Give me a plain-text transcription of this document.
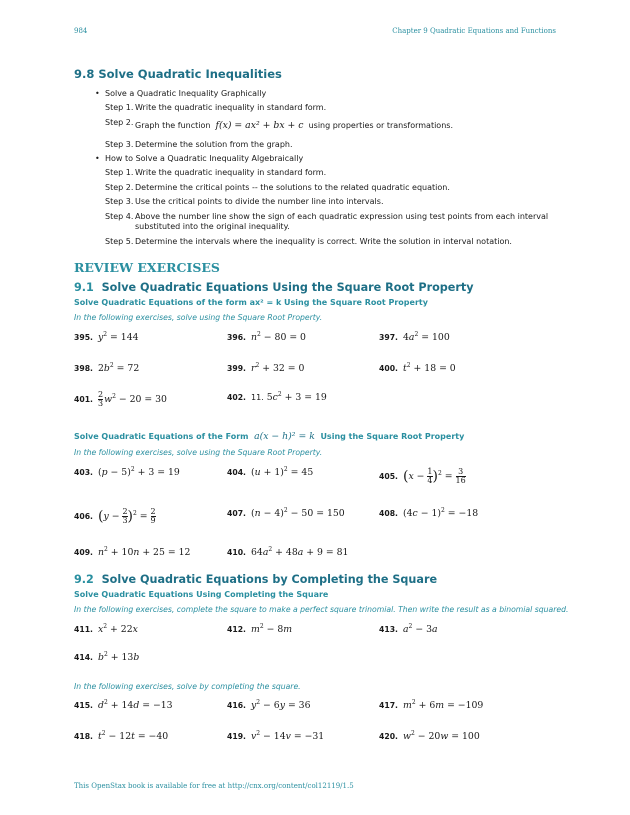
984	Chapter 9 Quadratic Equations and Functions
9.8 Solve Quadratic Inequalities
• Solve a Quadratic Inequality Graphically
Step 1. Write the quadratic inequality in standard form.
Step 2. Graph the function f(x) = ax² + bx + c using properties or transformations.
Step 3. Determine the solution from the graph.
• How to Solve a Quadratic Inequality Algebraically
Step 1. Write the quadratic inequality in standard form.
Step 2. Determine the critical points -- the solutions to the related quadratic equation.
Step 3. Use the critical points to divide the number line into intervals.
Step 4. Above the number line show the sign of each quadratic expression using test points from each interval
substituted into the original inequality.
Step 5. Determine the intervals where the inequality is correct. Write the solution in interval notation.
REVIEW EXERCISES
9.1 Solve Quadratic Equations Using the Square Root Property
Solve Quadratic Equations of the form ax² = k Using the Square Root Property
In the following exercises, solve using the Square Root Property.
395. $y^2 = 144$	396. $n^2 - 80 = 0$	397. $4a^2 = 100$
398. $2b^2 = 72$	399. $r^2 + 32 = 0$	400. $t^2 + 18 = 0$
401. $\frac{2}{3} w^2 - 20 = 30$	402. 11. $5c^2 + 3 = 19$
Solve Quadratic Equations of the Form a(x − h)² = k Using the Square Root Property
In the following exercises, solve using the Square Root Property.
403. $(p - 5)^2 + 3 = 19$	404. $(u + 1)^2 = 45$	405. $(x - \frac{1}{4} )^2 = \frac{3}{16}$
406. $(y - \frac{2}{3} )^2 = \frac{2}{9}$	407. $(n - 4)^2 - 50 = 150$	408. $(4c - 1)^2 = -18$
409. $n^2 + 10n + 25 = 12$	410. $64a^2 + 48a + 9 = 81$
9.2 Solve Quadratic Equations by Completing the Square
Solve Quadratic Equations Using Completing the Square
In the following exercises, complete the square to make a perfect square trinomial. Then write the result as a binomial squared.
411. $x^2 + 22x$	412. $m^2 - 8m$	413. $a^2 - 3a$
414. $b^2 + 13b$
In the following exercises, solve by completing the square.
415. $d^2 + 14d = -13$	416. $y^2 - 6y = 36$	417. $m^2 + 6m = -109$
418. $t^2 - 12t = -40$	419. $v^2 - 14v = -31$	420. $w^2 - 20w = 100$
This OpenStax book is available for free at http://cnx.org/content/col12119/1.5
